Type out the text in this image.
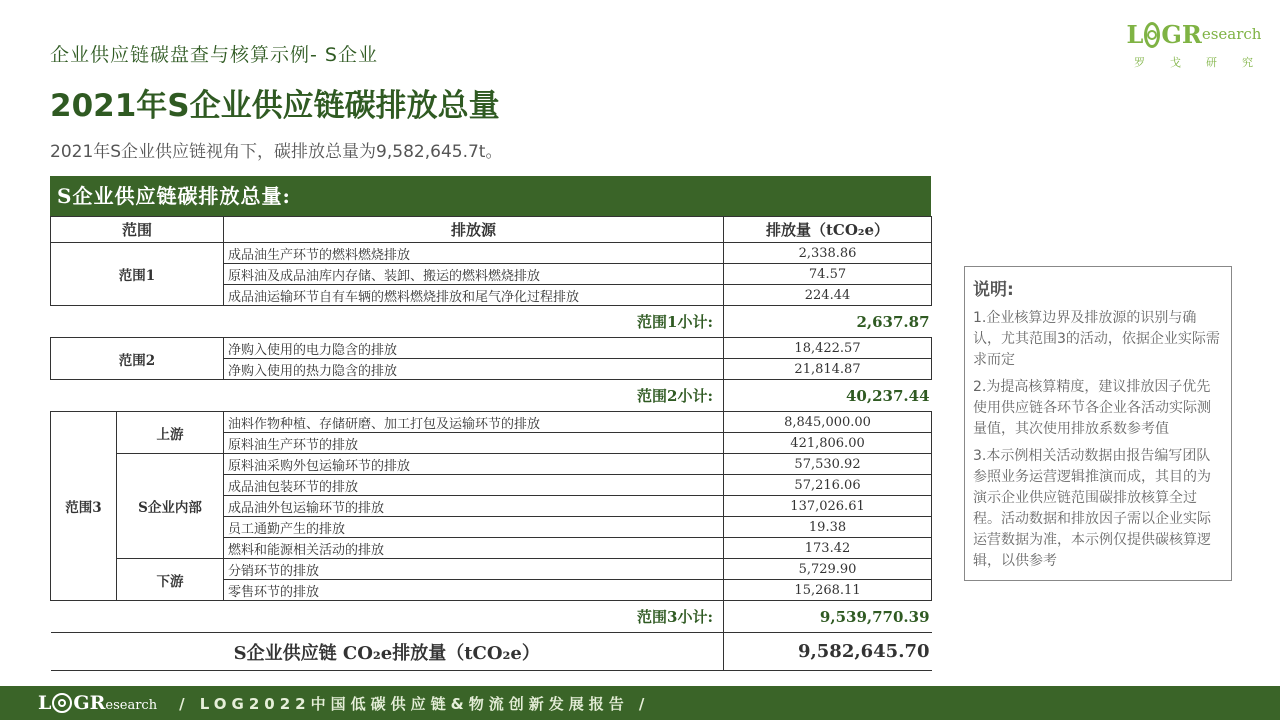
企业供应链碳盘查与核算示例- S企业
2021年S企业供应链碳排放总量
2021年S企业供应链视角下，碳排放总量为9,582,645.7t。
L G R esearch
罗 戈 研 究
S企业供应链碳排放总量:
范围		排放源	排放量（tCO₂e）
范围1		成品油生产环节的燃料燃烧排放	2,338.86
		原料油及成品油库内存储、装卸、搬运的燃料燃烧排放	74.57
		成品油运输环节自有车辆的燃料燃烧排放和尾气净化过程排放	224.44
范围1小计:			2,637.87
范围2		净购入使用的电力隐含的排放	18,422.57
		净购入使用的热力隐含的排放	21,814.87
范围2小计:			40,237.44
范围3	上游	油料作物种植、存储研磨、加工打包及运输环节的排放	8,845,000.00
		原料油生产环节的排放	421,806.00
	S企业内部	原料油采购外包运输环节的排放	57,530.92
		成品油包装环节的排放	57,216.06
		成品油外包运输环节的排放	137,026.61
		员工通勤产生的排放	19.38
		燃料和能源相关活动的排放	173.42
	下游	分销环节的排放	5,729.90
		零售环节的排放	15,268.11
范围3小计:			9,539,770.39
S企业供应链 CO₂e排放量（tCO₂e）			9,582,645.70
说明:
1.企业核算边界及排放源的识别与确认，尤其范围3的活动，依据企业实际需求而定
2.为提高核算精度，建议排放因子优先使用供应链各环节各企业各活动实际测量值，其次使用排放系数参考值
3.本示例相关活动数据由报告编写团队参照业务运营逻辑推演而成，其目的为演示企业供应链范围碳排放核算全过程。活动数据和排放因子需以企业实际运营数据为准，本示例仅提供碳核算逻辑，以供参考
L G R esearch / LOG2022中国低碳供应链&物流创新发展报告 /
